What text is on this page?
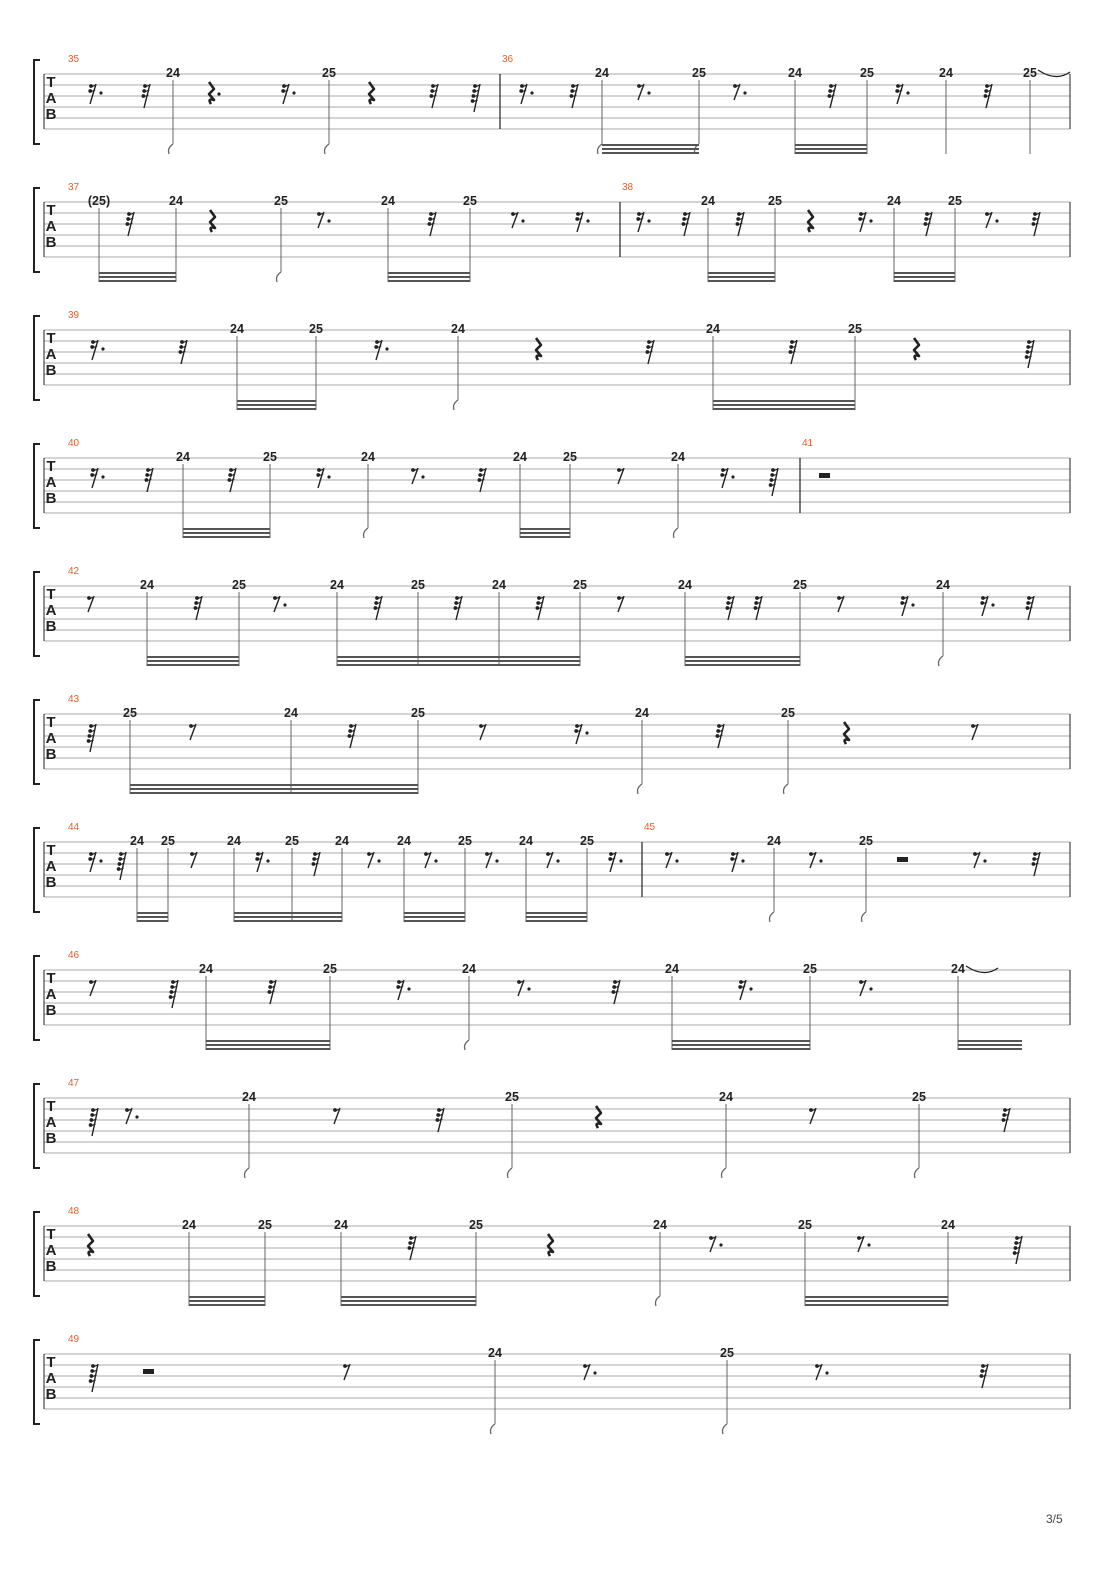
T
A
B
35
24	25
36
24	25	24	25	24	25
T
A
B
37
(25)	24	25	24	25
38
24	25	24	25
T
A
B
39
24	25	24	24	25
T
A
B
40
24	25	24	24	25	24
41
T
A
B
42
24	25	24	25	24	25	24	25	24
T
A
B
43
25	24	25	24	25
T
A
B
44
24 25	24	25	24	24	25	24	25
45
24	25
T
A
B
46
24	25	24	24	25	24
T
A
B
47
24	25	24	25
T
A
B
48
24	25	24	25	24	25	24
T
A
B
49
24	25
3/5
